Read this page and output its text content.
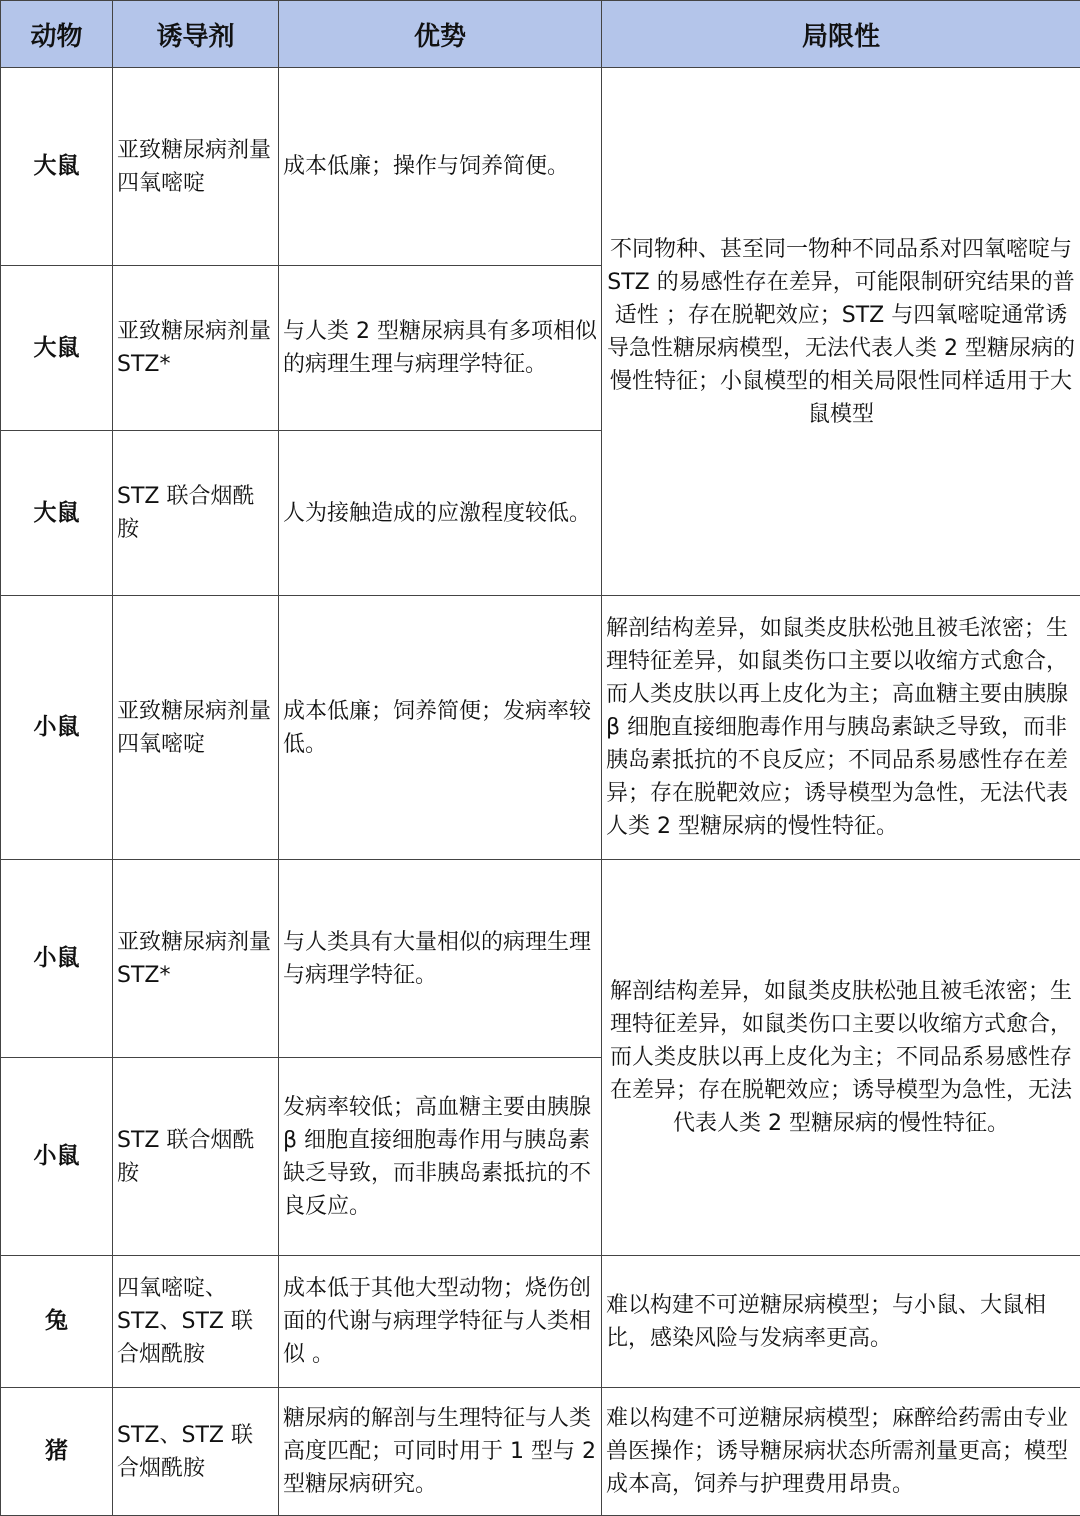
动物	诱导剂	优势	局限性
大鼠	亚致糖尿病剂量四氧嘧啶	成本低廉；操作与饲养简便。	不同物种、甚至同一物种不同品系对四氧嘧啶与 STZ 的易感性存在差异，可能限制研究结果的普适性 ；存在脱靶效应；STZ 与四氧嘧啶通常诱导急性糖尿病模型，无法代表人类 2 型糖尿病的慢性特征；小鼠模型的相关局限性同样适用于大鼠模型
大鼠	亚致糖尿病剂量 STZ*	与人类 2 型糖尿病具有多项相似的病理生理与病理学特征。	
大鼠	STZ 联合烟酰胺	人为接触造成的应激程度较低。	
小鼠	亚致糖尿病剂量四氧嘧啶	成本低廉；饲养简便；发病率较低。	解剖结构差异，如鼠类皮肤松弛且被毛浓密；生理特征差异，如鼠类伤口主要以收缩方式愈合，而人类皮肤以再上皮化为主；高血糖主要由胰腺 β 细胞直接细胞毒作用与胰岛素缺乏导致，而非胰岛素抵抗的不良反应；不同品系易感性存在差异；存在脱靶效应；诱导模型为急性，无法代表人类 2 型糖尿病的慢性特征。
小鼠	亚致糖尿病剂量 STZ*	与人类具有大量相似的病理生理与病理学特征。	解剖结构差异，如鼠类皮肤松弛且被毛浓密；生理特征差异，如鼠类伤口主要以收缩方式愈合，而人类皮肤以再上皮化为主；不同品系易感性存在差异；存在脱靶效应；诱导模型为急性，无法代表人类 2 型糖尿病的慢性特征。
小鼠	STZ 联合烟酰胺	发病率较低；高血糖主要由胰腺 β 细胞直接细胞毒作用与胰岛素缺乏导致，而非胰岛素抵抗的不良反应。	
兔	四氧嘧啶、STZ、STZ 联合烟酰胺	成本低于其他大型动物；烧伤创面的代谢与病理学特征与人类相似 。	难以构建不可逆糖尿病模型；与小鼠、大鼠相比，感染风险与发病率更高。
猪	STZ、STZ 联合烟酰胺	糖尿病的解剖与生理特征与人类高度匹配；可同时用于 1 型与 2 型糖尿病研究。	难以构建不可逆糖尿病模型；麻醉给药需由专业兽医操作；诱导糖尿病状态所需剂量更高；模型成本高，饲养与护理费用昂贵。
